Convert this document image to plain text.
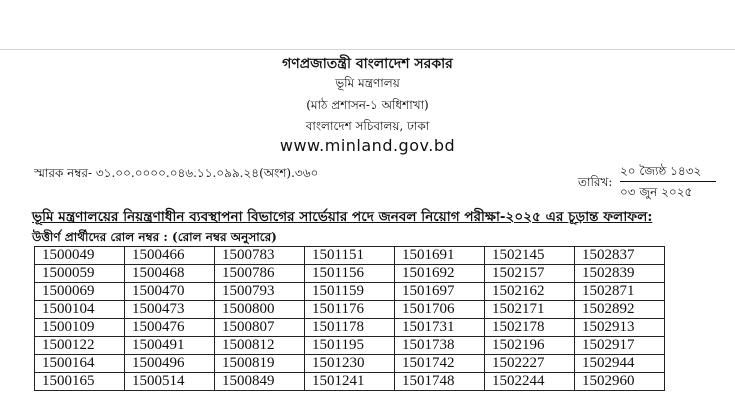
গণপ্রজাতন্ত্রী বাংলাদেশ সরকার
ভূমি মন্ত্রণালয়
(মাঠ প্রশাসন-১ অধিশাখা)
বাংলাদেশ সচিবালয়, ঢাকা
www.minland.gov.bd
স্মারক নম্বর- ৩১.০০.০০০০.০৪৬.১১.০৯৯.২৪(অংশ).৩৬০
তারিখ:
২০ জ্যৈষ্ঠ ১৪৩২
০৩ জুন ২০২৫
ভূমি মন্ত্রণালয়ের নিয়ন্ত্রণাধীন ব্যবস্থাপনা বিভাগের সার্ভেয়ার পদে জনবল নিয়োগ পরীক্ষা-২০২৫ এর চূড়ান্ত ফলাফল:
উত্তীর্ণ প্রার্থীদের রোল নম্বর : (রোল নম্বর অনুসারে)
1500049	1500466	1500783	1501151	1501691	1502145	1502837
1500059	1500468	1500786	1501156	1501692	1502157	1502839
1500069	1500470	1500793	1501159	1501697	1502162	1502871
1500104	1500473	1500800	1501176	1501706	1502171	1502892
1500109	1500476	1500807	1501178	1501731	1502178	1502913
1500122	1500491	1500812	1501195	1501738	1502196	1502917
1500164	1500496	1500819	1501230	1501742	1502227	1502944
1500165	1500514	1500849	1501241	1501748	1502244	1502960
